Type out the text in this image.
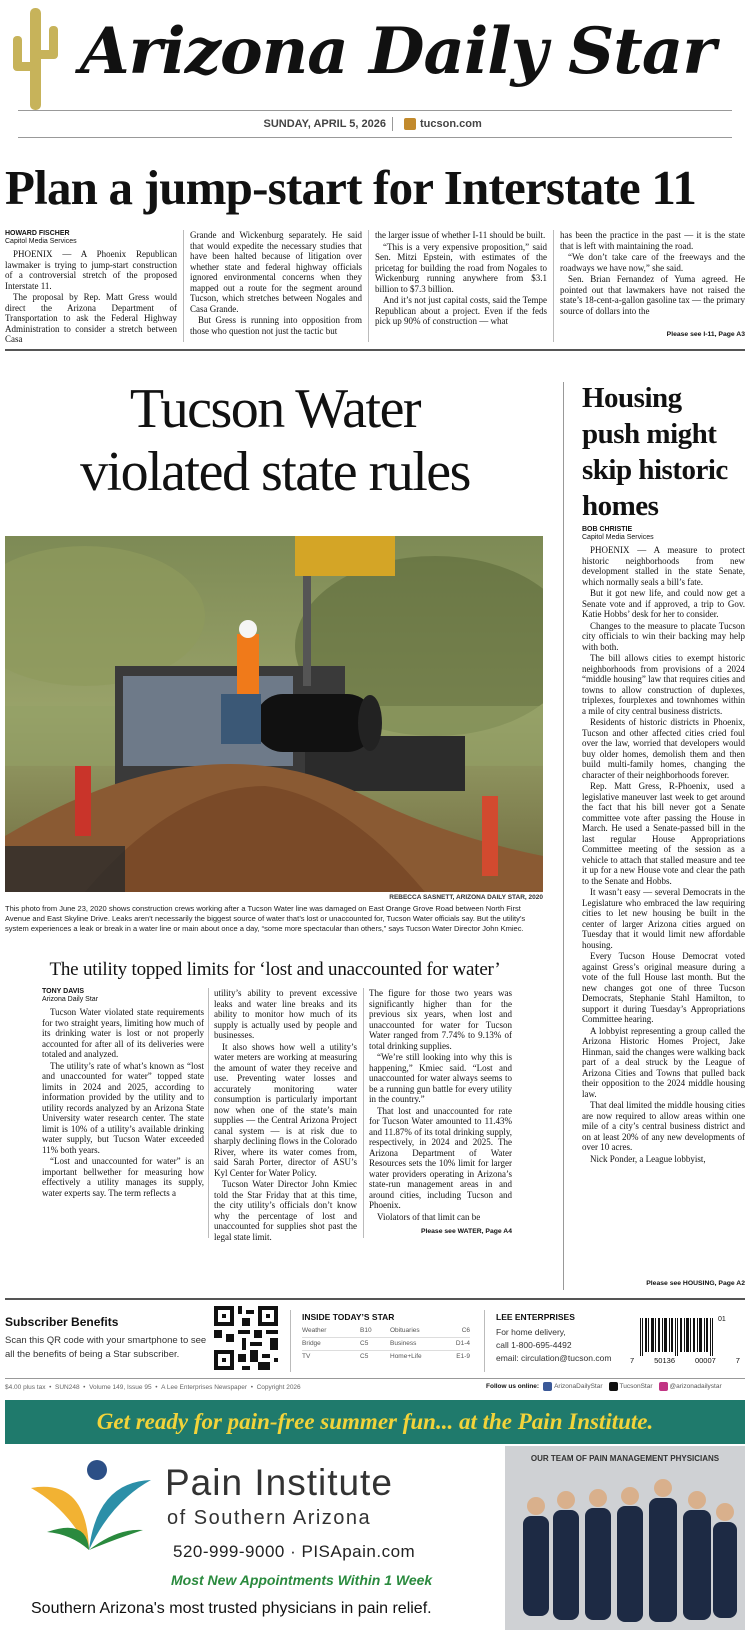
Arizona Daily Star
SUNDAY, APRIL 5, 2026	tucson.com
Plan a jump-start for Interstate 11
HOWARD FISCHER
Capitol Media Services

PHOENIX — A Phoenix Republican lawmaker is trying to jump-start construction of a controversial stretch of the proposed Interstate 11.

The proposal by Rep. Matt Gress would direct the Arizona Department of Transportation to ask the Federal Highway Administration to consider a stretch between Casa

Grande and Wickenburg separately. He said that would expedite the necessary studies that have been halted because of litigation over whether state and federal highway officials ignored environmental concerns when they mapped out a route for the segment around Tucson, which stretches between Nogales and Casa Grande.

But Gress is running into opposition from those who question not just the tactic but

the larger issue of whether I-11 should be built.

“This is a very expensive proposition,” said Sen. Mitzi Epstein, with estimates of the pricetag for building the road from Nogales to Wickenburg running anywhere from $3.1 billion to $7.3 billion.

And it’s not just capital costs, said the Tempe Republican about a project. Even if the feds pick up 90% of construction — what

has been the practice in the past — it is the state that is left with maintaining the road.

“We don’t take care of the freeways and the roadways we have now,” she said.

Sen. Brian Fernandez of Yuma agreed. He pointed out that lawmakers have not raised the state’s 18-cent-a-gallon gasoline tax — the primary source of dollars into the

Please see I-11, Page A3
Tucson Water
violated state rules
REBECCA SASNETT, ARIZONA DAILY STAR, 2020
This photo from June 23, 2020 shows construction crews working after a Tucson Water line was damaged on East Orange Grove Road between North First Avenue and East Skyline Drive. Leaks aren’t necessarily the biggest source of water that’s lost or unaccounted for, Tucson Water officials say. But the utility’s system experiences a leak or break in a water line or main about once a day, “some more spectacular than others,” says Tucson Water Director John Kmiec.
The utility topped limits for ‘lost and unaccounted for water’
TONY DAVIS
Arizona Daily Star

Tucson Water violated state requirements for two straight years, limiting how much of its drinking water is lost or not properly accounted for after all of its deliveries were totaled and analyzed.

The utility’s rate of what’s known as “lost and unaccounted for water” topped state limits in 2024 and 2025, according to information provided by the utility and to utility records analyzed by an Arizona State University water research center. The state limit is 10% of a utility’s available drinking water supply, but Tucson Water exceeded 11% both years.

“Lost and unaccounted for water” is an important bellwether for measuring how effectively a utility manages its supply, water experts say. The term reflects a

utility’s ability to prevent excessive leaks and water line breaks and its ability to monitor how much of its supply is actually used by people and businesses.

It also shows how well a utility’s water meters are working at measuring the amount of water they receive and use. Preventing water losses and accurately monitoring water consumption is particularly important now when one of the state’s main supplies — the Central Arizona Project canal system — is at risk due to sharply declining flows in the Colorado River, where its water comes from, said Sarah Porter, director of ASU’s Kyl Center for Water Policy.

Tucson Water Director John Kmiec told the Star Friday that at this time, the city utility’s officials don’t know why the percentage of lost and unaccounted for supplies shot past the legal state limit.

The figure for those two years was significantly higher than for the previous six years, when lost and unaccounted for water for Tucson Water ranged from 7.74% to 9.13% of total drinking supplies.

“We’re still looking into why this is happening,” Kmiec said. “Lost and unaccounted for water always seems to be a running gun battle for every utility in the country.”

That lost and unaccounted for rate for Tucson Water amounted to 11.43% and 11.87% of its total drinking supply, respectively, in 2024 and 2025. The Arizona Department of Water Resources sets the 10% limit for larger water providers operating in Arizona’s state-run management areas in and around cities, including Tucson and Phoenix.

Violators of that limit can be

Please see WATER, Page A4
Housing
push might
skip historic
homes
BOB CHRISTIE
Capitol Media Services

PHOENIX — A measure to protect historic neighborhoods from new development stalled in the state Senate, which normally seals a bill’s fate.

But it got new life, and could now get a Senate vote and if approved, a trip to Gov. Katie Hobbs’ desk for her to consider.

Changes to the measure to placate Tucson city officials to win their backing may help with both.

The bill allows cities to exempt historic neighborhoods from provisions of a 2024 “middle housing” law that requires cities and towns to allow construction of duplexes, triplexes, fourplexes and townhomes within a mile of city central business districts.

Residents of historic districts in Phoenix, Tucson and other affected cities cried foul over the law, worried that developers would buy older homes, demolish them and then build multi-family homes, changing the character of their neighborhoods forever.

Rep. Matt Gress, R-Phoenix, used a legislative maneuver last week to get around the fact that his bill never got a Senate committee vote after passing the House in March. He used a Senate-passed bill in the last regular House Appropriations Committee meeting of the session as a vehicle to attach that stalled measure and tee it up for a new House vote and clear the path to the Senate and Hobbs.

It wasn’t easy — several Democrats in the Legislature who embraced the law requiring cities to let new housing be built in the center of larger Arizona cities argued on Tuesday that it would limit new affordable housing.

Every Tucson House Democrat voted against Gress’s original measure during a vote of the full House last month. But the new changes got one of three Tucson Democrats, Stephanie Stahl Hamilton, to support it during Tuesday’s Appropriations Committee hearing.

A lobbyist representing a group called the Arizona Historic Homes Project, Jake Hinman, said the changes were walking back part of a deal struck by the League of Arizona Cities and Towns that pulled back their opposition to the 2024 middle housing law.

That deal limited the middle housing cities are now required to allow areas within one mile of a city’s central business district and on at least 20% of any new developments of over 10 acres.

Nick Ponder, a League lobbyist,

Please see HOUSING, Page A2
Subscriber Benefits
Scan this QR code with your smartphone to see all the benefits of being a Star subscriber.
INSIDE TODAY’S STAR
Weather	B10	Obituaries	C6
Bridge	C5	Business	D1-4
TV	C5	Home+Life	E1-9
LEE ENTERPRISES
For home delivery,
call 1-800-695-4492
email: circulation@tucson.com
01
7	50136	00007	7
$4.00 plus tax  •  SUN248  •  Volume 149, Issue 95  •  A Lee Enterprises Newspaper  •  Copyright 2026	Follow us online: ArizonaDailyStar	TucsonStar	@arizonadailystar
Get ready for pain-free summer fun... at the Pain Institute.
Pain Institute
of Southern Arizona
520-999-9000 · PISApain.com
Most New Appointments Within 1 Week
Southern Arizona's most trusted physicians in pain relief.
OUR TEAM OF PAIN MANAGEMENT PHYSICIANS
